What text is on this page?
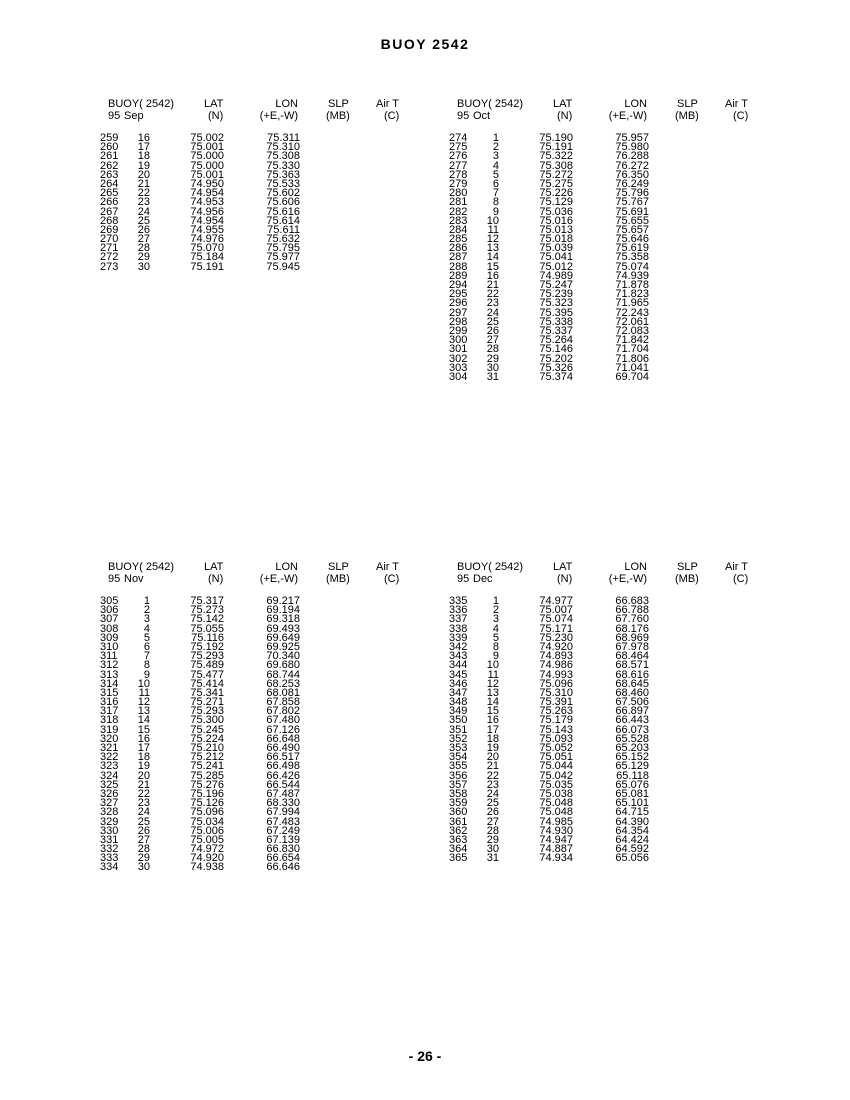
BUOY 2542
BUOY( 2542)	LAT	LON	SLP Air T
95 Sep	(N)	(+E,-W)	(MB)	(C)
259 16	75.002	75.311
260 17	75.001	75.310
261 18	75.000	75.308
262 19	75.000	75.330
263 20	75.001	75.363
264 21	74.950	75.533
265 22	74.954	75.602
266 23	74.953	75.606
267 24	74.956	75.616
268 25	74.954	75.614
269 26	74.955	75.611
270 27	74.976	75.632
271 28	75.070	75.795
272 29	75.184	75.977
273 30	75.191	75.945
BUOY( 2542)	LAT	LON	SLP Air T
95 Oct	(N)	(+E,-W)	(MB)	(C)
274 1	75.190	75.957
275 2	75.191	75.980
276 3	75.322	76.288
277 4	75.308	76.272
278 5	75.272	76.350
279 6	75.275	76.249
280 7	75.226	75.796
281 8	75.129	75.767
282 9	75.036	75.691
283 10	75.016	75.655
284 11	75.013	75.657
285 12	75.018	75.646
286 13	75.039	75.619
287 14	75.041	75.358
288 15	75.012	75.074
289 16	74.989	74.939
294 21	75.247	71.878
295 22	75.239	71.823
296 23	75.323	71.965
297 24	75.395	72.243
298 25	75.338	72.061
299 26	75.337	72.083
300 27	75.264	71.842
301 28	75.146	71.704
302 29	75.202	71.806
303 30	75.326	71.041
304 31	75.374	69.704
BUOY( 2542)	LAT	LON	SLP Air T
95 Nov	(N)	(+E,-W)	(MB)	(C)
305 1	75.317	69.217
306 2	75.273	69.194
307 3	75.142	69.318
308 4	75.055	69.493
309 5	75.116	69.649
310 6	75.192	69.925
311 7	75.293	70.340
312 8	75.489	69.680
313 9	75.477	68.744
314 10	75.414	68.253
315 11	75.341	68.081
316 12	75.271	67.858
317 13	75.293	67.802
318 14	75.300	67.480
319 15	75.245	67.126
320 16	75.224	66.648
321 17	75.210	66.490
322 18	75.212	66.517
323 19	75.241	66.498
324 20	75.285	66.426
325 21	75.276	66.544
326 22	75.196	67.487
327 23	75.126	68.330
328 24	75.096	67.994
329 25	75.034	67.483
330 26	75.006	67.249
331 27	75.005	67.139
332 28	74.972	66.830
333 29	74.920	66.654
334 30	74.938	66.646
BUOY( 2542)	LAT	LON	SLP Air T
95 Dec	(N)	(+E,-W)	(MB)	(C)
335 1	74.977	66.683
336 2	75.007	66.788
337 3	75.074	67.760
338 4	75.171	68.176
339 5	75.230	68.969
342 8	74.920	67.978
343 9	74.893	68.464
344 10	74.986	68.571
345 11	74.993	68.616
346 12	75.096	68.645
347 13	75.310	68.460
348 14	75.391	67.506
349 15	75.263	66.897
350 16	75.179	66.443
351 17	75.143	66.073
352 18	75.093	65.528
353 19	75.052	65.203
354 20	75.051	65.152
355 21	75.044	65.129
356 22	75.042	65.118
357 23	75.035	65.076
358 24	75.038	65.081
359 25	75.048	65.101
360 26	75.048	64.715
361 27	74.985	64.390
362 28	74.930	64.354
363 29	74.947	64.424
364 30	74.887	64.592
365 31	74.934	65.056
- 26 -
